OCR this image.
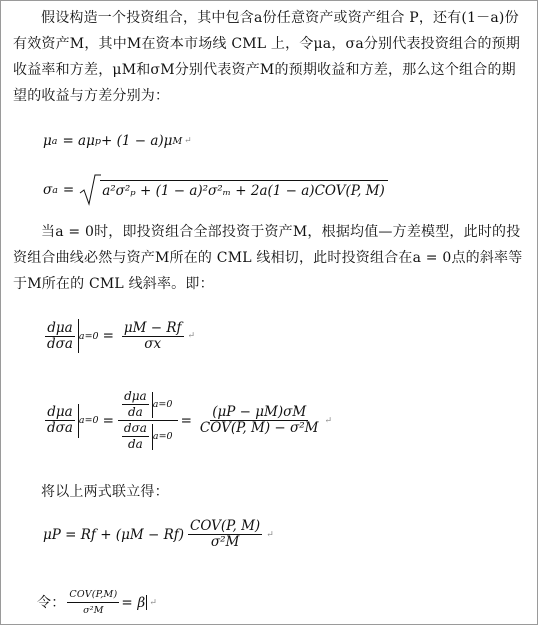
假设构造一个投资组合，其中包含a份任意资产或资产组合 P，还有(1－a)份有效资产M，其中M在资本市场线 CML 上，令μa，σa分别代表投资组合的预期收益率和方差，μM和σM分别代表资产M的预期收益和方差，那么这个组合的期望的收益与方差分别为：
μ a = aμ p + (1 − a)μ M ↵
σ a = a²σ²ₚ + (1 − a)²σ²ₘ + 2a(1 − a)COV(P, M)
当a = 0时，即投资组合全部投资于资产M，根据均值—方差模型，此时的投资组合曲线必然与资产M所在的 CML 线相切，此时投资组合在a = 0点的斜率等于M所在的 CML 线斜率。即：
$\frac{\text{dμa}}{\text{dσa}} a=0 = \frac{\mu M - Rf}{\sigma x}$ ↵
$\frac{\text{dμa}}{\text{dσa}} a=0 = \frac{\frac{\text{dμa}}{da} a=0}{\frac{\text{dσa}}{da} a=0} = \frac{(\mu P - \mu M)\sigma M}{\text{COV(P, M) − σ²M}}$ ↵
将以上两式联立得：
$\mu P = Rf + (\mu M - Rf) \frac{\text{COV(P, M)}}{\text{σ²M}}$ ↵
令： $\frac{\text{COV(P,M)}}{\text{σ²M}} = \beta$ ↵
